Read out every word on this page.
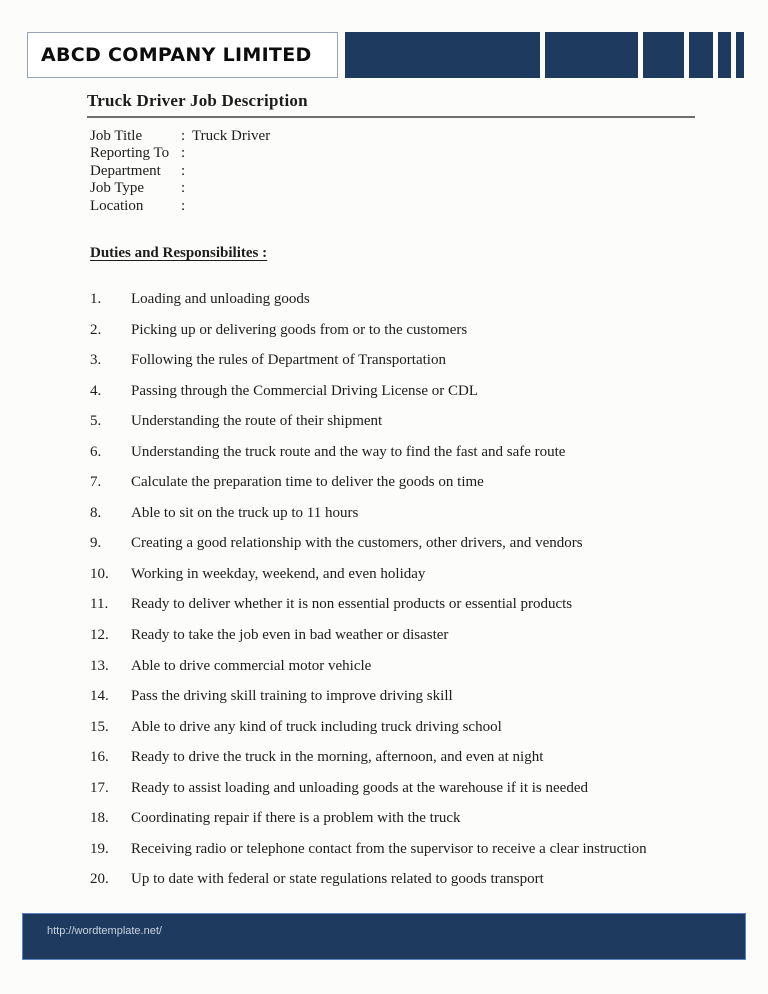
ABCD COMPANY LIMITED
Truck Driver Job Description
Job Title	: Truck Driver
Reporting To :
Department	:
Job Type	:
Location	:
Duties and Responsibilites :
1.	Loading and unloading goods
2.	Picking up or delivering goods from or to the customers
3.	Following the rules of Department of Transportation
4.	Passing through the Commercial Driving License or CDL
5.	Understanding the route of their shipment
6.	Understanding the truck route and the way to find the fast and safe route
7.	Calculate the preparation time to deliver the goods on time
8.	Able to sit on the truck up to 11 hours
9.	Creating a good relationship with the customers, other drivers, and vendors
10.	Working in weekday, weekend, and even holiday
11.	Ready to deliver whether it is non essential products or essential products
12.	Ready to take the job even in bad weather or disaster
13.	Able to drive commercial motor vehicle
14.	Pass the driving skill training to improve driving skill
15.	Able to drive any kind of truck including truck driving school
16.	Ready to drive the truck in the morning, afternoon, and even at night
17.	Ready to assist loading and unloading goods at the warehouse if it is needed
18.	Coordinating repair if there is a problem with the truck
19.	Receiving radio or telephone contact from the supervisor to receive a clear instruction
20.	Up to date with federal or state regulations related to goods transport
http://wordtemplate.net/
